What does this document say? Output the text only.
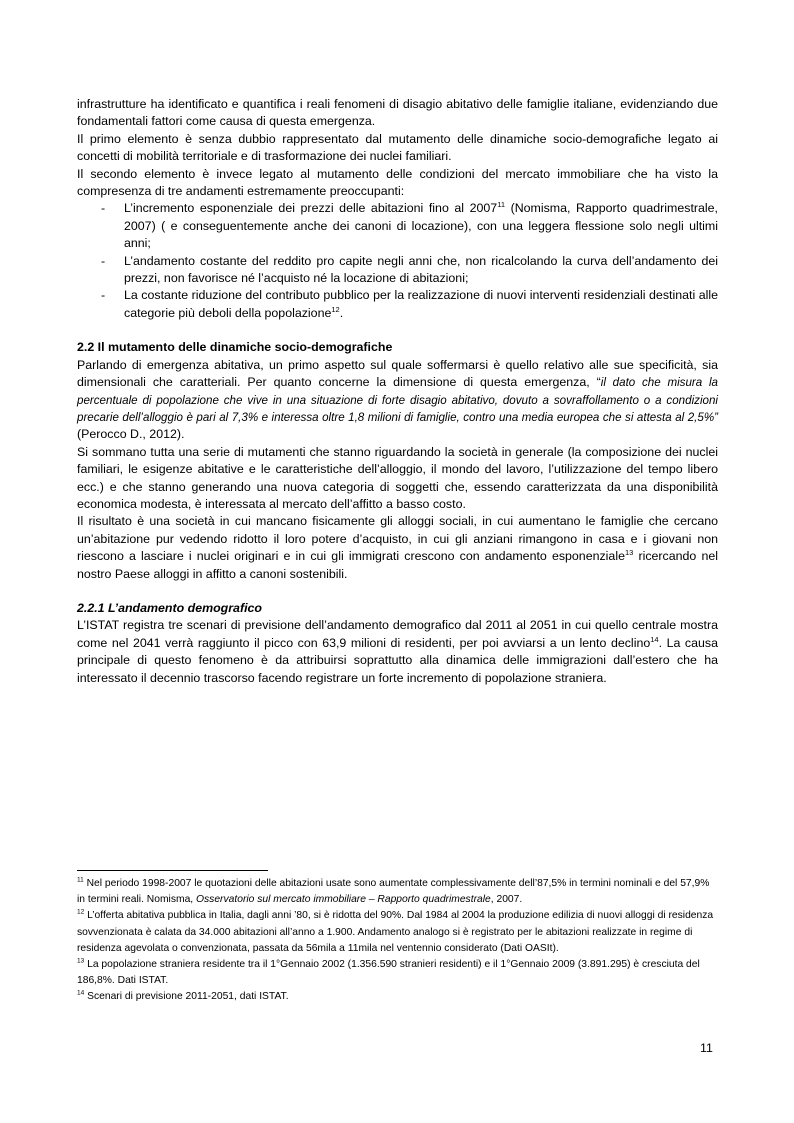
infrastrutture ha identificato e quantifica i reali fenomeni di disagio abitativo delle famiglie italiane, evidenziando due fondamentali fattori come causa di questa emergenza.

Il primo elemento è senza dubbio rappresentato dal mutamento delle dinamiche socio-demografiche legato ai concetti di mobilità territoriale e di trasformazione dei nuclei familiari.

Il secondo elemento è invece legato al mutamento delle condizioni del mercato immobiliare che ha visto la compresenza di tre andamenti estremamente preoccupanti:

- L’incremento esponenziale dei prezzi delle abitazioni fino al 2007$^{11}$ (Nomisma, Rapporto quadrimestrale, 2007) ( e conseguentemente anche dei canoni di locazione), con una leggera flessione solo negli ultimi anni;
- L’andamento costante del reddito pro capite negli anni che, non ricalcolando la curva dell’andamento dei prezzi, non favorisce né l’acquisto né la locazione di abitazioni;
- La costante riduzione del contributo pubblico per la realizzazione di nuovi interventi residenziali destinati alle categorie più deboli della popolazione$^{12}$.
2.2 Il mutamento delle dinamiche socio-demografiche

Parlando di emergenza abitativa, un primo aspetto sul quale soffermarsi è quello relativo alle sue specificità, sia dimensionali che caratteriali. Per quanto concerne la dimensione di questa emergenza, “il dato che misura la percentuale di popolazione che vive in una situazione di forte disagio abitativo, dovuto a sovraffollamento o a condizioni precarie dell’alloggio è pari al 7,3% e interessa oltre 1,8 milioni di famiglie, contro una media europea che si attesta al 2,5%” (Perocco D., 2012).

Si sommano tutta una serie di mutamenti che stanno riguardando la società in generale (la composizione dei nuclei familiari, le esigenze abitative e le caratteristiche dell’alloggio, il mondo del lavoro, l’utilizzazione del tempo libero ecc.) e che stanno generando una nuova categoria di soggetti che, essendo caratterizzata da una disponibilità economica modesta, è interessata al mercato dell’affitto a basso costo.

Il risultato è una società in cui mancano fisicamente gli alloggi sociali, in cui aumentano le famiglie che cercano un’abitazione pur vedendo ridotto il loro potere d’acquisto, in cui gli anziani rimangono in casa e i giovani non riescono a lasciare i nuclei originari e in cui gli immigrati crescono con andamento esponenziale$^{13}$ ricercando nel nostro Paese alloggi in affitto a canoni sostenibili.

2.2.1 L’andamento demografico

L’ISTAT registra tre scenari di previsione dell’andamento demografico dal 2011 al 2051 in cui quello centrale mostra come nel 2041 verrà raggiunto il picco con 63,9 milioni di residenti, per poi avviarsi a un lento declino$^{14}$. La causa principale di questo fenomeno è da attribuirsi soprattutto alla dinamica delle immigrazioni dall’estero che ha interessato il decennio trascorso facendo registrare un forte incremento di popolazione straniera.

$^{11}$ Nel periodo 1998-2007 le quotazioni delle abitazioni usate sono aumentate complessivamente dell’87,5% in termini nominali e del 57,9% in termini reali. Nomisma, Osservatorio sul mercato immobiliare – Rapporto quadrimestrale, 2007.

$^{12}$ L’offerta abitativa pubblica in Italia, dagli anni ’80, si è ridotta del 90%. Dal 1984 al 2004 la produzione edilizia di nuovi alloggi di residenza sovvenzionata è calata da 34.000 abitazioni all’anno a 1.900. Andamento analogo si è registrato per le abitazioni realizzate in regime di residenza agevolata o convenzionata, passata da 56mila a 11mila nel ventennio considerato (Dati OASIt).

$^{13}$ La popolazione straniera residente tra il 1°Gennaio 2002 (1.356.590 stranieri residenti) e il 1°Gennaio 2009 (3.891.295) è cresciuta del 186,8%. Dati ISTAT.

$^{14}$ Scenari di previsione 2011-2051, dati ISTAT.

11
